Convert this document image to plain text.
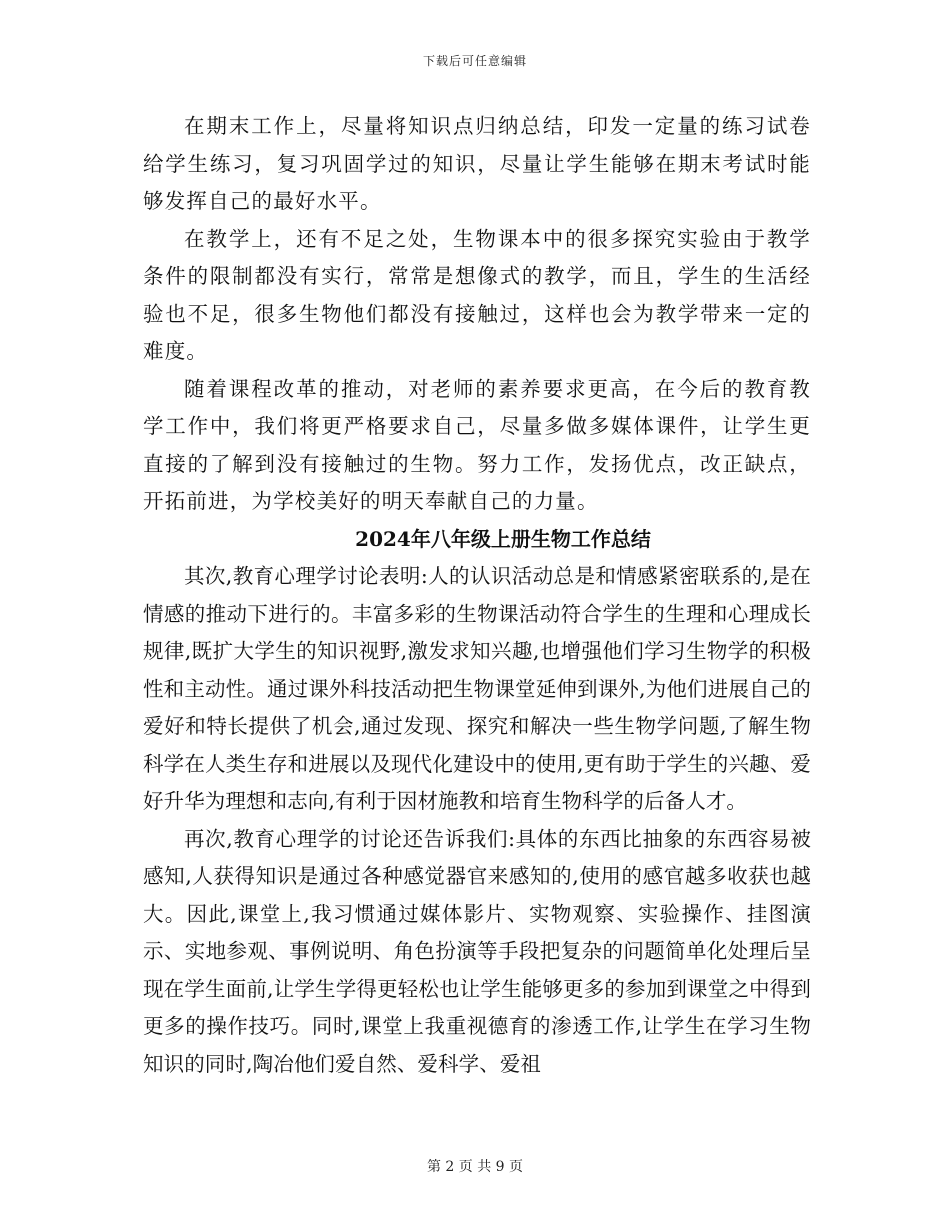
下载后可任意编辑

在期末工作上，尽量将知识点归纳总结，印发一定量的练习试卷给学生练习，复习巩固学过的知识，尽量让学生能够在期末考试时能够发挥自己的最好水平。

在教学上，还有不足之处，生物课本中的很多探究实验由于教学条件的限制都没有实行，常常是想像式的教学，而且，学生的生活经验也不足，很多生物他们都没有接触过，这样也会为教学带来一定的难度。

随着课程改革的推动，对老师的素养要求更高，在今后的教育教学工作中，我们将更严格要求自己，尽量多做多媒体课件，让学生更直接的了解到没有接触过的生物。努力工作，发扬优点，改正缺点，开拓前进，为学校美好的明天奉献自己的力量。

2024年八年级上册生物工作总结

其次,教育心理学讨论表明:人的认识活动总是和情感紧密联系的,是在情感的推动下进行的。丰富多彩的生物课活动符合学生的生理和心理成长规律,既扩大学生的知识视野,激发求知兴趣,也增强他们学习生物学的积极性和主动性。通过课外科技活动把生物课堂延伸到课外,为他们进展自己的爱好和特长提供了机会,通过发现、探究和解决一些生物学问题,了解生物科学在人类生存和进展以及现代化建设中的使用,更有助于学生的兴趣、爱好升华为理想和志向,有利于因材施教和培育生物科学的后备人才。

再次,教育心理学的讨论还告诉我们:具体的东西比抽象的东西容易被感知,人获得知识是通过各种感觉器官来感知的,使用的感官越多收获也越大。因此,课堂上,我习惯通过媒体影片、实物观察、实验操作、挂图演示、实地参观、事例说明、角色扮演等手段把复杂的问题简单化处理后呈现在学生面前,让学生学得更轻松也让学生能够更多的参加到课堂之中得到更多的操作技巧。同时,课堂上我重视德育的渗透工作,让学生在学习生物知识的同时,陶冶他们爱自然、爱科学、爱祖

第 2 页 共 9 页
